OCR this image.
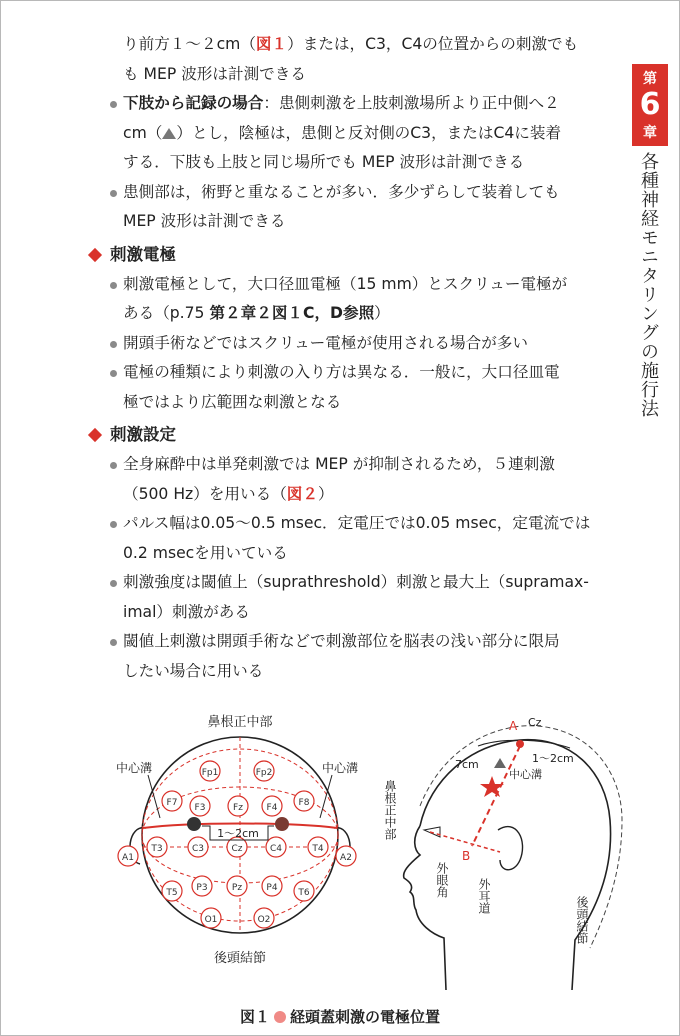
第
6
章
各種神経モニタリングの施行法
り前方１～２cm（図１）または，C3，C4の位置からの刺激でも
も MEP 波形は計測できる
下肢から記録の場合：患側刺激を上肢刺激場所より正中側へ２
cm（ ）とし，陰極は，患側と反対側のC3，またはC4に装着
する．下肢も上肢と同じ場所でも MEP 波形は計測できる
患側部は，術野と重なることが多い．多少ずらして装着しても
MEP 波形は計測できる
刺激電極
刺激電極として，大口径皿電極（15 mm）とスクリュー電極が
ある（p.75 第２章２図１C，D参照）
開頭手術などではスクリュー電極が使用される場合が多い
電極の種類により刺激の入り方は異なる．一般に，大口径皿電
極ではより広範囲な刺激となる
刺激設定
全身麻酔中は単発刺激では MEP が抑制されるため，５連刺激
（500 Hz）を用いる（図２）
パルス幅は0.05～0.5 msec．定電圧では0.05 msec，定電流では
0.2 msecを用いている
刺激強度は閾値上（suprathreshold）刺激と最大上（supramax-
imal）刺激がある
閾値上刺激は開頭手術などで刺激部位を脳表の浅い部分に限局
したい場合に用いる
鼻根正中部
中心溝	中心溝
Fp1	Fp2
F7 F3	Fz	F4 F8
A1
T3	C3	Cz	C4	T4
A2
T5 P3	Pz	P4 T6
O1	O2
1～2cm
後頭結節
A Cz
7cm	1～2cm
中心溝
B
鼻根正中部
外眼角 外耳道	後頭結節
図１ 経頭蓋刺激の電極位置
